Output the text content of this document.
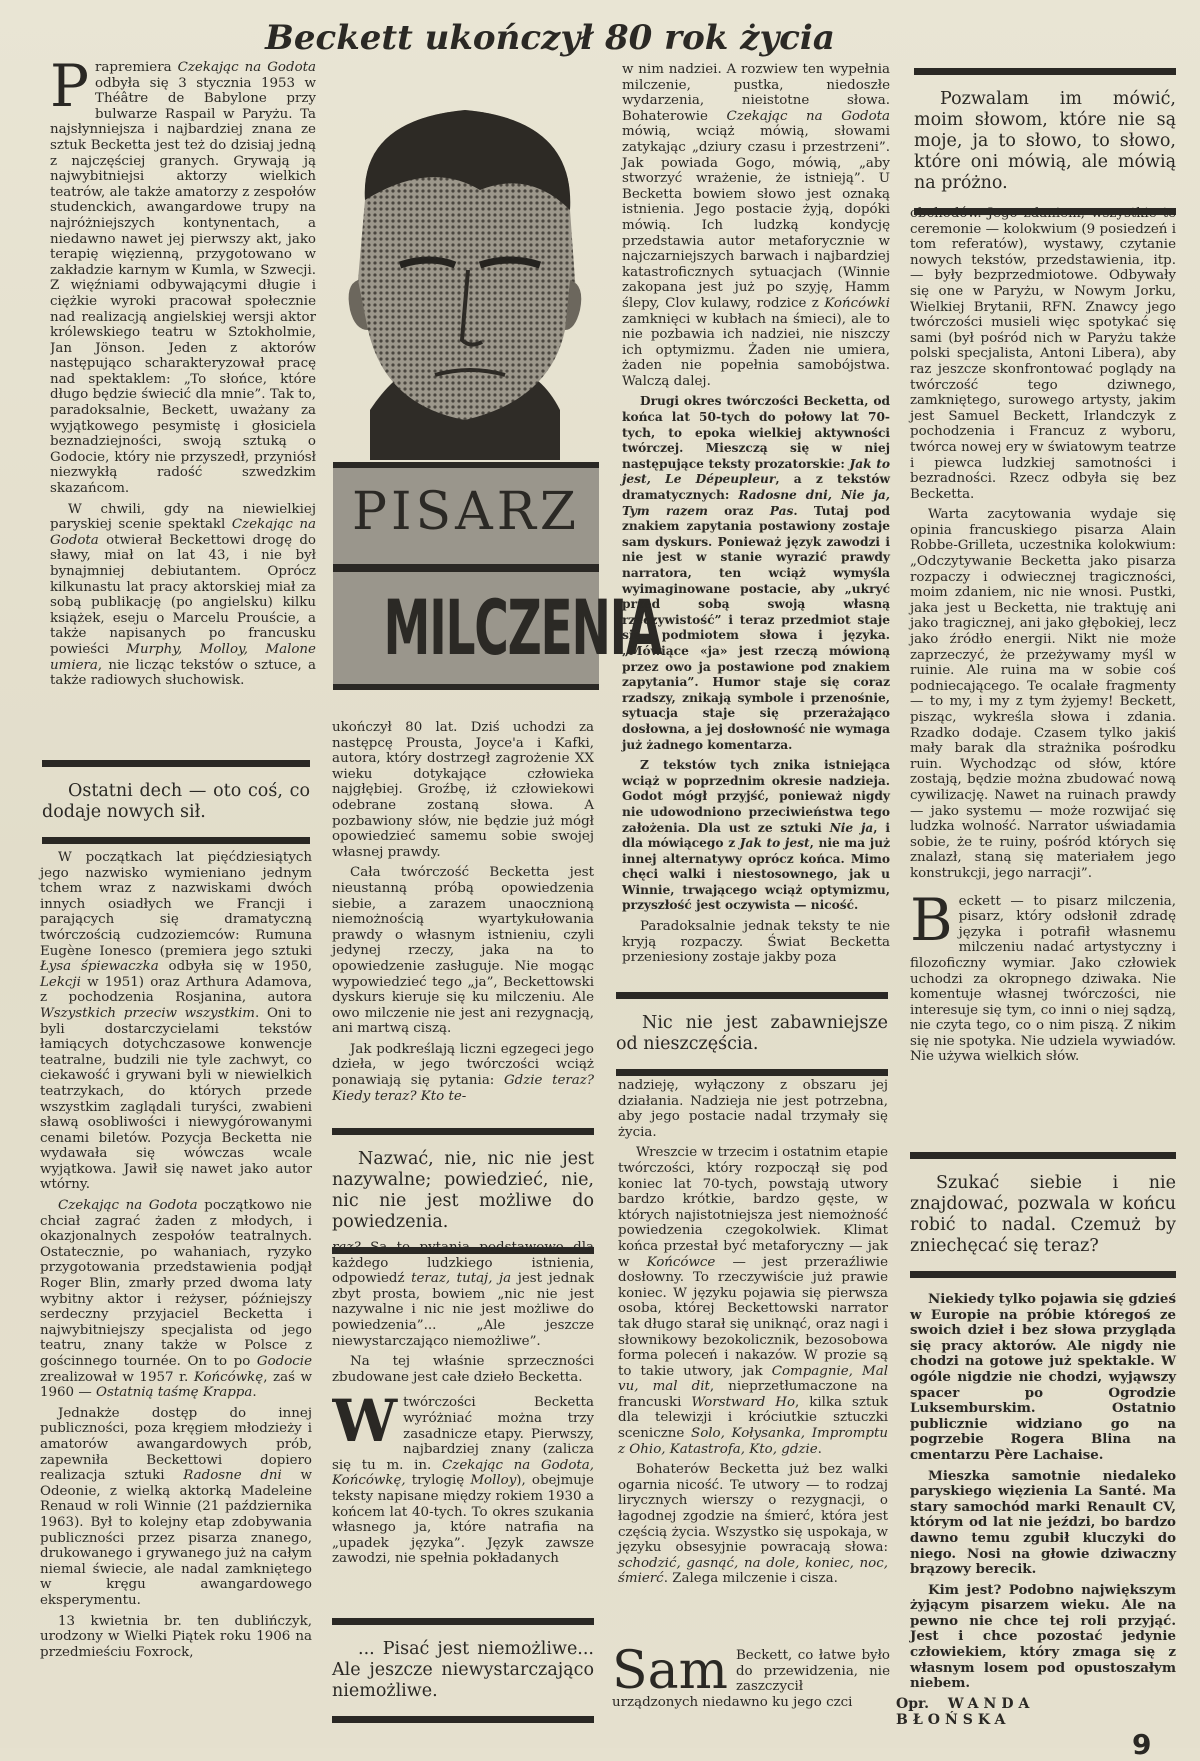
Beckett ukończył 80 rok życia
PISARZ
MILCZENIA

Prapremiera Czekając na Godota odbyła się 3 stycznia 1953 w Théâtre de Babylone przy bulwarze Raspail w Paryżu. Ta najsłynniejsza i najbardziej znana ze sztuk Becketta jest też do dzisiaj jedną z najczęściej granych. Grywają ją najwybitniejsi aktorzy wielkich teatrów, ale także amatorzy z zespołów studenckich, awangardowe trupy na najróżniejszych kontynentach, a niedawno nawet jej pierwszy akt, jako terapię więzienną, przygotowano w zakładzie karnym w Kumla, w Szwecji. Z więźniami odbywającymi długie i ciężkie wyroki pracował społecznie nad realizacją angielskiej wersji aktor królewskiego teatru w Sztokholmie, Jan Jönson. Jeden z aktorów następująco scharakteryzował pracę nad spektaklem: „To słońce, które długo będzie świecić dla mnie”. Tak to, paradoksalnie, Beckett, uważany za wyjątkowego pesymistę i głosiciela beznadziejności, swoją sztuką o Godocie, który nie przyszedł, przyniósł niezwykłą radość szwedzkim skazańcom.

W chwili, gdy na niewielkiej paryskiej scenie spektakl Czekając na Godota otwierał Beckettowi drogę do sławy, miał on lat 43, i nie był bynajmniej debiutantem. Oprócz kilkunastu lat pracy aktorskiej miał za sobą publikację (po angielsku) kilku książek, eseju o Marcelu Prouście, a także napisanych po francusku powieści Murphy, Molloy, Malone umiera, nie licząc tekstów o sztuce, a także radiowych słuchowisk.

Ostatni dech — oto coś, co dodaje nowych sił.

W początkach lat pięćdziesiątych jego nazwisko wymieniano jednym tchem wraz z nazwiskami dwóch innych osiadłych we Francji i parających się dramatyczną twórczością cudzoziemców: Rumuna Eugène Ionesco (premiera jego sztuki Łysa śpiewaczka odbyła się w 1950, Lekcji w 1951) oraz Arthura Adamova, z pochodzenia Rosjanina, autora Wszystkich przeciw wszystkim. Oni to byli dostarczycielami tekstów łamiących dotychczasowe konwencje teatralne, budzili nie tyle zachwyt, co ciekawość i grywani byli w niewielkich teatrzykach, do których przede wszystkim zaglądali turyści, zwabieni sławą osobliwości i niewygórowanymi cenami biletów. Pozycja Becketta nie wydawała się wówczas wcale wyjątkowa. Jawił się nawet jako autor wtórny.

Czekając na Godota początkowo nie chciał zagrać żaden z młodych, i okazjonalnych zespołów teatralnych. Ostatecznie, po wahaniach, ryzyko przygotowania przedstawienia podjął Roger Blin, zmarły przed dwoma laty wybitny aktor i reżyser, późniejszy serdeczny przyjaciel Becketta i najwybitniejszy specjalista od jego teatru, znany także w Polsce z gościnnego tournée. On to po Godocie zrealizował w 1957 r. Końcówkę, zaś w 1960 — Ostatnią taśmę Krappa.

Jednakże dostęp do innej publiczności, poza kręgiem młodzieży i amatorów awangardowych prób, zapewniła Beckettowi dopiero realizacja sztuki Radosne dni w Odeonie, z wielką aktorką Madeleine Renaud w roli Winnie (21 października 1963). Był to kolejny etap zdobywania publiczności przez pisarza znanego, drukowanego i grywanego już na całym niemal świecie, ale nadal zamkniętego w kręgu awangardowego eksperymentu.

13 kwietnia br. ten dublińczyk, urodzony w Wielki Piątek roku 1906 na przedmieściu Foxrock,

ukończył 80 lat. Dziś uchodzi za następcę Prousta, Joyce'a i Kafki, autora, który dostrzegł zagrożenie XX wieku dotykające człowieka najgłębiej. Groźbę, iż człowiekowi odebrane zostaną słowa. A pozbawiony słów, nie będzie już mógł opowiedzieć samemu sobie swojej własnej prawdy.

Cała twórczość Becketta jest nieustanną próbą opowiedzenia siebie, a zarazem unaocznioną niemożnością wyartykułowania prawdy o własnym istnieniu, czyli jedynej rzeczy, jaka na to opowiedzenie zasługuje. Nie mogąc wypowiedzieć tego „ja”, Beckettowski dyskurs kieruje się ku milczeniu. Ale owo milczenie nie jest ani rezygnacją, ani martwą ciszą.

Jak podkreślają liczni egzegeci jego dzieła, w jego twórczości wciąż ponawiają się pytania: Gdzie teraz? Kiedy teraz? Kto te-

Nazwać, nie, nic nie jest nazywalne; powiedzieć, nie, nic nie jest możliwe do powiedzenia.

raz? Są to pytania podstawowe dla każdego ludzkiego istnienia, odpowiedź teraz, tutaj, ja jest jednak zbyt prosta, bowiem „nic nie jest nazywalne i nic nie jest możliwe do powiedzenia”... „Ale jeszcze niewystarczająco niemożliwe”.

Na tej właśnie sprzeczności zbudowane jest całe dzieło Becketta.

W twórczości Becketta wyróżniać można trzy zasadnicze etapy. Pierwszy, najbardziej znany (zalicza się tu m. in. Czekając na Godota, Końcówkę, trylogię Molloy), obejmuje teksty napisane między rokiem 1930 a końcem lat 40-tych. To okres szukania własnego ja, które natrafia na „upadek języka”. Język zawsze zawodzi, nie spełnia pokładanych

... Pisać jest niemożliwe... Ale jeszcze niewystarczająco niemożliwe.

w nim nadziei. A rozwiew ten wypełnia milczenie, pustka, niedoszłe wydarzenia, nieistotne słowa. Bohaterowie Czekając na Godota mówią, wciąż mówią, słowami zatykając „dziury czasu i przestrzeni”. Jak powiada Gogo, mówią, „aby stworzyć wrażenie, że istnieją”. U Becketta bowiem słowo jest oznaką istnienia. Jego postacie żyją, dopóki mówią. Ich ludzką kondycję przedstawia autor metaforycznie w najczarniejszych barwach i najbardziej katastroficznych sytuacjach (Winnie zakopana jest już po szyję, Hamm ślepy, Clov kulawy, rodzice z Końcówki zamknięci w kubłach na śmieci), ale to nie pozbawia ich nadziei, nie niszczy ich optymizmu. Żaden nie umiera, żaden nie popełnia samobójstwa. Walczą dalej.

Drugi okres twórczości Becketta, od końca lat 50-tych do połowy lat 70-tych, to epoka wielkiej aktywności twórczej. Mieszczą się w niej następujące teksty prozatorskie: Jak to jest, Le Dépeupleur, a z tekstów dramatycznych: Radosne dni, Nie ja, Tym razem oraz Pas. Tutaj pod znakiem zapytania postawiony zostaje sam dyskurs. Ponieważ język zawodzi i nie jest w stanie wyrazić prawdy narratora, ten wciąż wymyśla wyimaginowane postacie, aby „ukryć przed sobą swoją własną rzeczywistość” i teraz przedmiot staje się podmiotem słowa i języka. „Mówiące «ja» jest rzeczą mówioną przez owo ja postawione pod znakiem zapytania”. Humor staje się coraz rzadszy, znikają symbole i przenośnie, sytuacja staje się przerażająco dosłowna, a jej dosłowność nie wymaga już żadnego komentarza.

Z tekstów tych znika istniejąca wciąż w poprzednim okresie nadzieja. Godot mógł przyjść, ponieważ nigdy nie udowodniono przeciwieństwa tego założenia. Dla ust ze sztuki Nie ja, i dla mówiącego z Jak to jest, nie ma już innej alternatywy oprócz końca. Mimo chęci walki i niestosownego, jak u Winnie, trwającego wciąż optymizmu, przyszłość jest oczywista — nicość.

Paradoksalnie jednak teksty te nie kryją rozpaczy. Świat Becketta przeniesiony zostaje jakby poza

Nic nie jest zabawniejsze od nieszczęścia.

nadzieję, wyłączony z obszaru jej działania. Nadzieja nie jest potrzebna, aby jego postacie nadal trzymały się życia.

Wreszcie w trzecim i ostatnim etapie twórczości, który rozpoczął się pod koniec lat 70-tych, powstają utwory bardzo krótkie, bardzo gęste, w których najistotniejsza jest niemożność powiedzenia czegokolwiek. Klimat końca przestał być metaforyczny — jak w Końcówce — jest przeraźliwie dosłowny. To rzeczywiście już prawie koniec. W języku pojawia się pierwsza osoba, której Beckettowski narrator tak długo starał się uniknąć, oraz nagi i słownikowy bezokolicznik, bezosobowa forma poleceń i nakazów. W prozie są to takie utwory, jak Compagnie, Mal vu, mal dit, nieprzetłumaczone na francuski Worstward Ho, kilka sztuk dla telewizji i króciutkie sztuczki sceniczne Solo, Kołysanka, Impromptu z Ohio, Katastrofa, Kto, gdzie.

Bohaterów Becketta już bez walki ogarnia nicość. Te utwory — to rodzaj lirycznych wierszy o rezygnacji, o łagodnej zgodzie na śmierć, która jest częścią życia. Wszystko się uspokaja, w języku obsesyjnie powracają słowa: schodzić, gasnąć, na dole, koniec, noc, śmierć. Zalega milczenie i cisza.

Sam Beckett, co łatwe było do przewidzenia, nie zaszczycił urządzonych niedawno ku jego czci
Pozwalam im mówić, moim słowom, które nie są moje, ja to słowo, to słowo, które oni mówią, ale mówią na próżno.

obchodów. Jego zdaniem, wszystkie te ceremonie — kolokwium (9 posiedzeń i tom referatów), wystawy, czytanie nowych tekstów, przedstawienia, itp. — były bezprzedmiotowe. Odbywały się one w Paryżu, w Nowym Jorku, Wielkiej Brytanii, RFN. Znawcy jego twórczości musieli więc spotykać się sami (był pośród nich w Paryżu także polski specjalista, Antoni Libera), aby raz jeszcze skonfrontować poglądy na twórczość tego dziwnego, zamkniętego, surowego artysty, jakim jest Samuel Beckett, Irlandczyk z pochodzenia i Francuz z wyboru, twórca nowej ery w światowym teatrze i piewca ludzkiej samotności i bezradności. Rzecz odbyła się bez Becketta.

Warta zacytowania wydaje się opinia francuskiego pisarza Alain Robbe-Grilleta, uczestnika kolokwium: „Odczytywanie Becketta jako pisarza rozpaczy i odwiecznej tragiczności, moim zdaniem, nic nie wnosi. Pustki, jaka jest u Becketta, nie traktuję ani jako tragicznej, ani jako głębokiej, lecz jako źródło energii. Nikt nie może zaprzeczyć, że przeżywamy myśl w ruinie. Ale ruina ma w sobie coś podniecającego. Te ocalałe fragmenty — to my, i my z tym żyjemy! Beckett, pisząc, wykreśla słowa i zdania. Rzadko dodaje. Czasem tylko jakiś mały barak dla strażnika pośrodku ruin. Wychodząc od słów, które zostają, będzie można zbudować nową cywilizację. Nawet na ruinach prawdy — jako systemu — może rozwijać się ludzka wolność. Narrator uświadamia sobie, że te ruiny, pośród których się znalazł, staną się materiałem jego konstrukcji, jego narracji”.

Beckett — to pisarz milczenia, pisarz, który odsłonił zdradę języka i potrafił własnemu milczeniu nadać artystyczny i filozoficzny wymiar. Jako człowiek uchodzi za okropnego dziwaka. Nie komentuje własnej twórczości, nie interesuje się tym, co inni o niej sądzą, nie czyta tego, co o nim piszą. Z nikim się nie spotyka. Nie udziela wywiadów. Nie używa wielkich słów.

Szukać siebie i nie znajdować, pozwala w końcu robić to nadal. Czemuż by zniechęcać się teraz?

Niekiedy tylko pojawia się gdzieś w Europie na próbie któregoś ze swoich dzieł i bez słowa przygląda się pracy aktorów. Ale nigdy nie chodzi na gotowe już spektakle. W ogóle nigdzie nie chodzi, wyjąwszy spacer po Ogrodzie Luksemburskim. Ostatnio publicznie widziano go na pogrzebie Rogera Blina na cmentarzu Père Lachaise.

Mieszka samotnie niedaleko paryskiego więzienia La Santé. Ma stary samochód marki Renault CV, którym od lat nie jeździ, bo bardzo dawno temu zgubił kluczyki do niego. Nosi na głowie dziwaczny brązowy berecik.

Kim jest? Podobno największym żyjącym pisarzem wieku. Ale na pewno nie chce tej roli przyjąć. Jest i chce pozostać jedynie człowiekiem, który zmaga się z własnym losem pod opustoszałym niebem.

Opr. WANDA BŁOŃSKA
9
